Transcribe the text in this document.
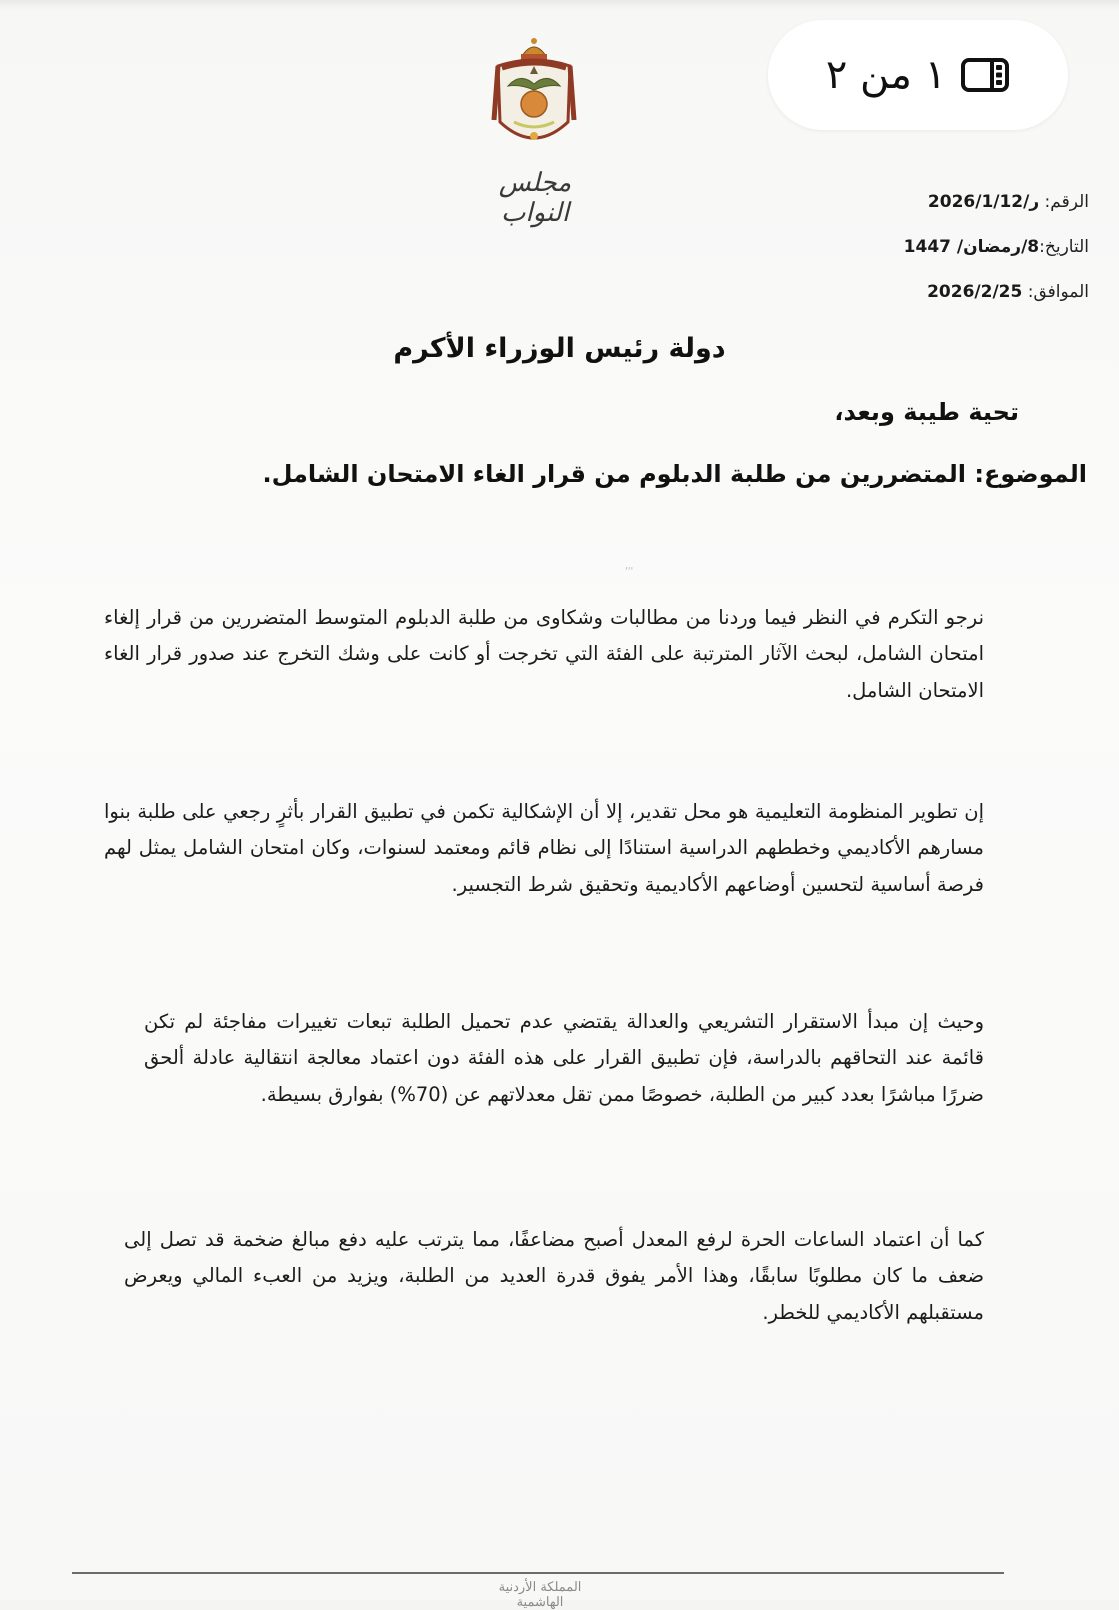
١ من ٢
مجلس النواب	الرقم: ر/2026/1/12
التاريخ:8/رمضان/ 1447
الموافق: 2026/2/25
دولة رئيس الوزراء الأكرم
تحية طيبة وبعد،
الموضوع: المتضررين من طلبة الدبلوم من قرار الغاء الامتحان الشامل.
'''

نرجو التكرم في النظر فيما وردنا من مطالبات وشكاوى من طلبة الدبلوم المتوسط المتضررين من قرار إلغاء امتحان الشامل، لبحث الآثار المترتبة على الفئة التي تخرجت أو كانت على وشك التخرج عند صدور قرار الغاء الامتحان الشامل.

إن تطوير المنظومة التعليمية هو محل تقدير، إلا أن الإشكالية تكمن في تطبيق القرار بأثرٍ رجعي على طلبة بنوا مسارهم الأكاديمي وخططهم الدراسية استنادًا إلى نظام قائم ومعتمد لسنوات، وكان امتحان الشامل يمثل لهم فرصة أساسية لتحسين أوضاعهم الأكاديمية وتحقيق شرط التجسير.

وحيث إن مبدأ الاستقرار التشريعي والعدالة يقتضي عدم تحميل الطلبة تبعات تغييرات مفاجئة لم تكن قائمة عند التحاقهم بالدراسة، فإن تطبيق القرار على هذه الفئة دون اعتماد معالجة انتقالية عادلة ألحق ضررًا مباشرًا بعدد كبير من الطلبة، خصوصًا ممن تقل معدلاتهم عن (70%) بفوارق بسيطة.

كما أن اعتماد الساعات الحرة لرفع المعدل أصبح مضاعفًا، مما يترتب عليه دفع مبالغ ضخمة قد تصل إلى ضعف ما كان مطلوبًا سابقًا، وهذا الأمر يفوق قدرة العديد من الطلبة، ويزيد من العبء المالي ويعرض مستقبلهم الأكاديمي للخطر.

المملكة الأردنية الهاشمية
